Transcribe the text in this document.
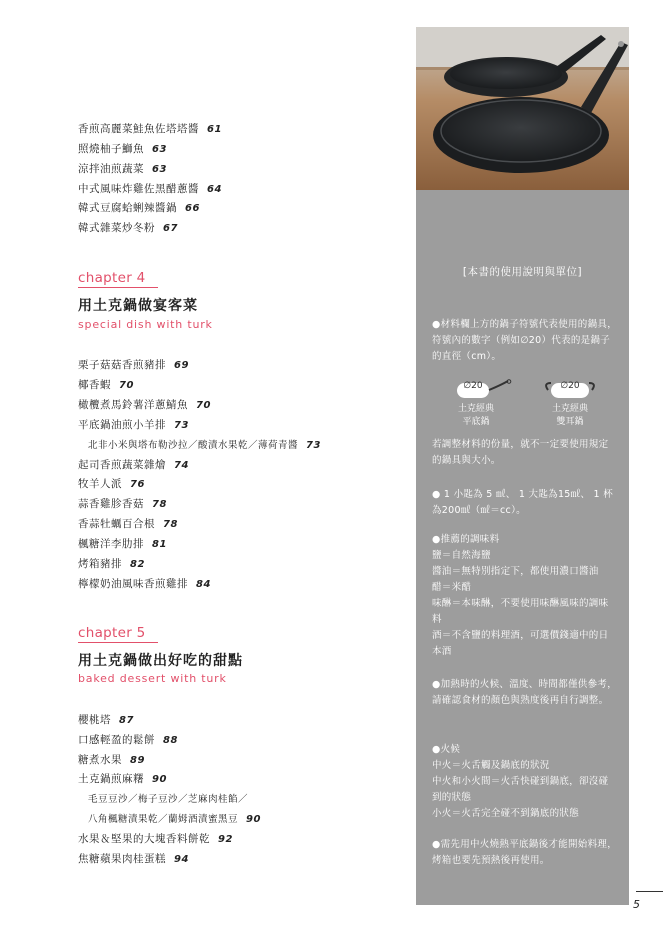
香煎高麗菜鮭魚佐塔塔醬 61
照燒柚子鰤魚 63
涼拌油煎蔬菜 63
中式風味炸雞佐黑醋蔥醬 64
韓式豆腐蛤蜊辣醬鍋 66
韓式雜菜炒冬粉 67
chapter 4
用土克鍋做宴客菜
special dish with turk
栗子菇菇香煎豬排 69
椰香蝦 70
橄欖煮馬鈴薯洋蔥鯖魚 70
平底鍋油煎小羊排 73
北非小米與塔布勒沙拉／酸漬水果乾／薄荷青醬 73
起司香煎蔬菜雜燴 74
牧羊人派 76
蒜香雞胗香菇 78
香蒜牡蠣百合根 78
楓糖洋李肋排 81
烤箱豬排 82
檸檬奶油風味香煎雞排 84
chapter 5
用土克鍋做出好吃的甜點
baked dessert with turk
櫻桃塔 87
口感輕盈的鬆餅 88
糖煮水果 89
土克鍋煎麻糬 90
毛豆豆沙／梅子豆沙／芝麻肉桂餡／
八角楓糖漬果乾／蘭姆酒漬蜜黑豆 90
水果＆堅果的大塊香料餅乾 92
焦糖蘋果肉桂蛋糕 94
[本書的使用說明與單位]
●材料欄上方的鍋子符號代表使用的鍋具，符號內的數字（例如∅20）代表的是鍋子的直徑（cm）。
∅20
土克經典
平底鍋
∅20
土克經典
雙耳鍋
若調整材料的份量，就不一定要使用規定的鍋具與大小。
● 1 小匙為 5 ㎖、 1 大匙為15㎖、 1 杯為200㎖（㎖＝cc）。
●推薦的調味料
鹽＝自然海鹽
醬油＝無特別指定下，都使用濃口醬油
醋＝米醋
味醂＝本味醂，不要使用味醂風味的調味料
酒＝不含鹽的料理酒，可選價錢適中的日本酒
●加熱時的火候、溫度、時間都僅供參考，請確認食材的顏色與熟度後再自行調整。
●火候
中火＝火舌觸及鍋底的狀況
中火和小火間＝火舌快碰到鍋底，卻沒碰到的狀態
小火＝火舌完全碰不到鍋底的狀態
●需先用中火燒熱平底鍋後才能開始料理，烤箱也要先預熱後再使用。
5
